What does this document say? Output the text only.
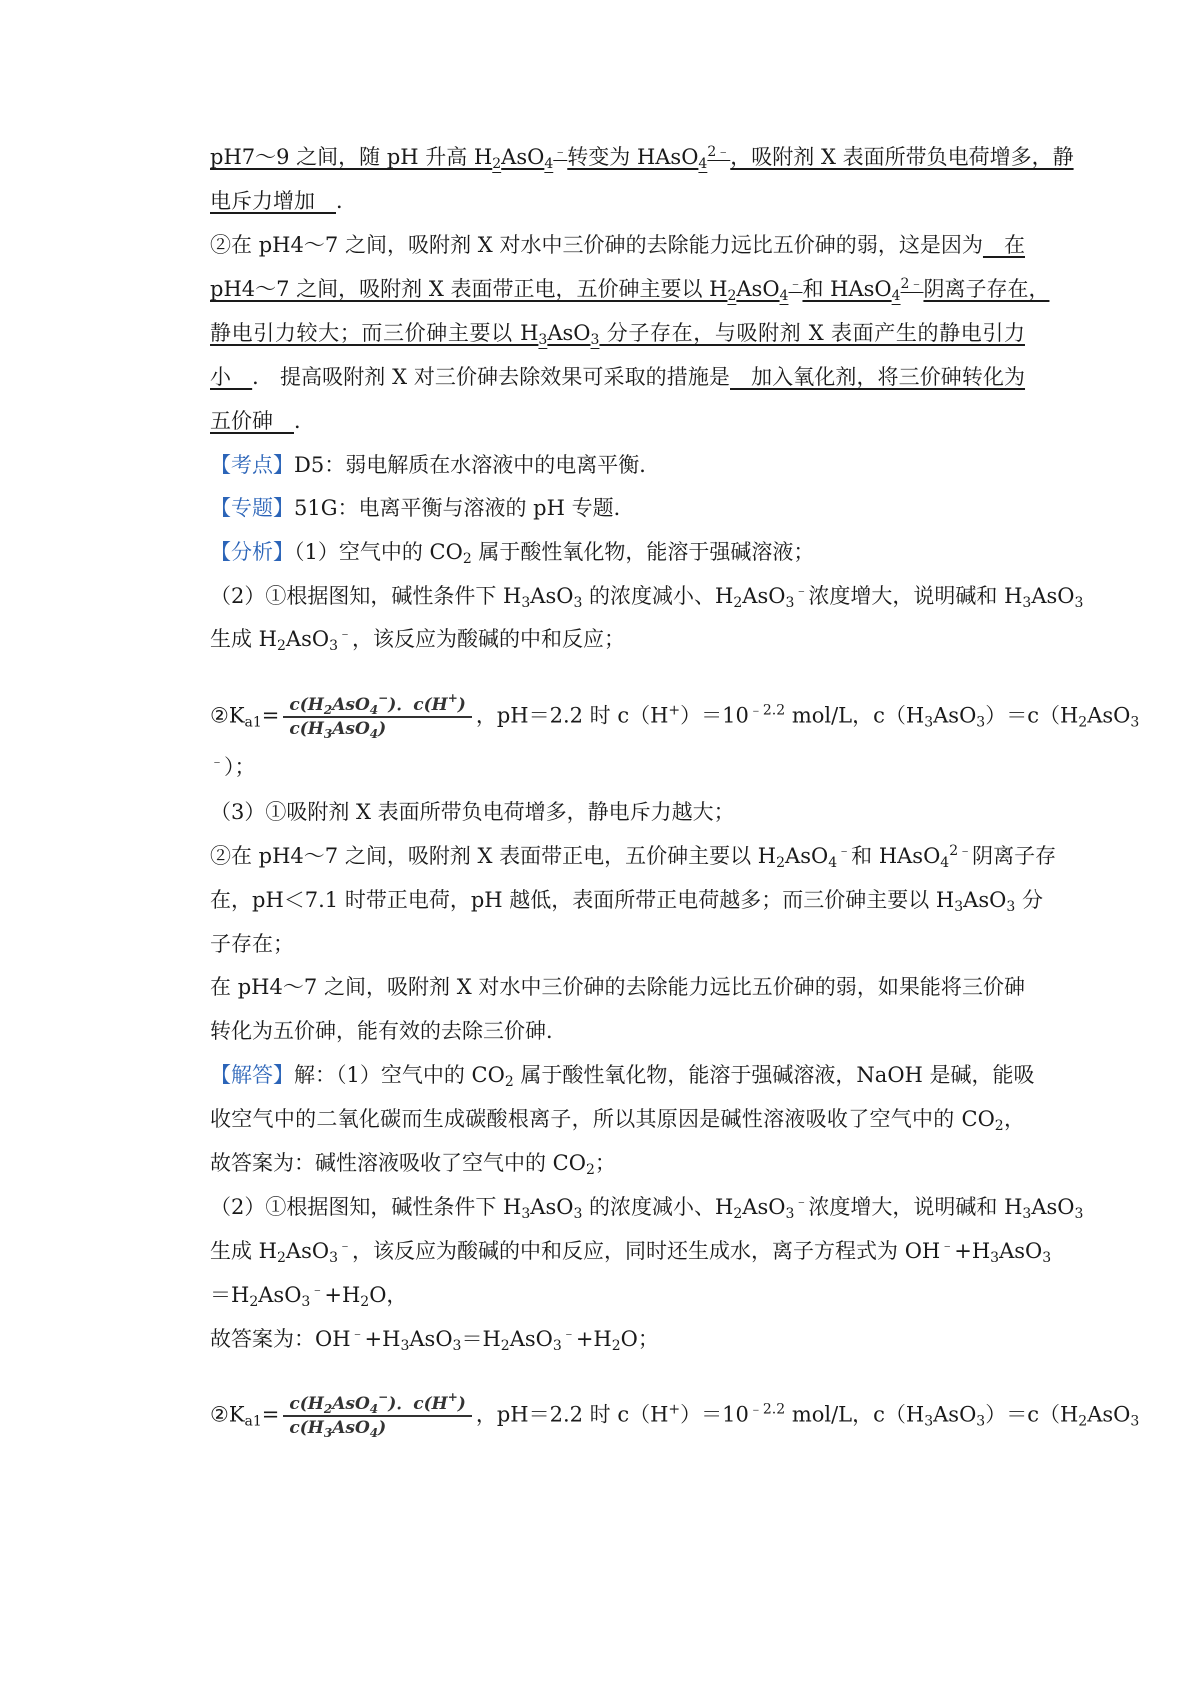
pH7～9 之间，随 pH 升高 $H_2AsO_4^﹣$转变为 HAsO$_4^{2﹣}$，吸附剂 X 表面所带负电荷增多，静
电斥力增加　．
②在 pH4～7 之间，吸附剂 X 对水中三价砷的去除能力远比五价砷的弱，这是因为　在
pH4～7 之间，吸附剂 X 表面带正电，五价砷主要以 $H_2AsO_4^﹣$和 HAsO$_4^{2﹣}$阴离子存在，
静电引力较大；而三价砷主要以 $H_3AsO_3$ 分子存在，与吸附剂 X 表面产生的静电引力
小　． 提高吸附剂 X 对三价砷去除效果可采取的措施是　加入氧化剂，将三价砷转化为
五价砷　．
【考点】D5：弱电解质在水溶液中的电离平衡．
【专题】51G：电离平衡与溶液的 pH 专题．
【分析】（1）空气中的 $CO_2$ 属于酸性氧化物，能溶于强碱溶液；
（2）①根据图知，碱性条件下 $H_3AsO_3$ 的浓度减小、$H_2AsO_3^﹣$浓度增大，说明碱和 $H_3AsO_3$
生成 $H_2AsO_3^﹣$，该反应为酸碱的中和反应；
$②K_{a1}= \frac{c(H_2AsO_4^-).c(H^+)}{c(H_3AsO_4)}$ ，pH＝2.2 时 $c(H^+)=10^{﹣2.2}$ mol/L，$c(H_3AsO_3)=c(H_2AsO_3$
﹣）；
（3）①吸附剂 X 表面所带负电荷增多，静电斥力越大；
②在 pH4～7 之间，吸附剂 X 表面带正电，五价砷主要以 $H_2AsO_4^﹣$和 HAsO$_4^{2﹣}$阴离子存
在，pH＜7.1 时带正电荷，pH 越低，表面所带正电荷越多；而三价砷主要以 $H_3AsO_3$ 分
子存在；
在 pH4～7 之间，吸附剂 X 对水中三价砷的去除能力远比五价砷的弱，如果能将三价砷
转化为五价砷，能有效的去除三价砷．
【解答】解：（1）空气中的 $CO_2$ 属于酸性氧化物，能溶于强碱溶液，NaOH 是碱，能吸
收空气中的二氧化碳而生成碳酸根离子，所以其原因是碱性溶液吸收了空气中的 $CO_2$，
故答案为：碱性溶液吸收了空气中的 $CO_2$；
（2）①根据图知，碱性条件下 $H_3AsO_3$ 的浓度减小、$H_2AsO_3^﹣$浓度增大，说明碱和 $H_3AsO_3$
生成 $H_2AsO_3^﹣$，该反应为酸碱的中和反应，同时还生成水，离子方程式为 $OH^﹣+H_3AsO_3$
$=H_2AsO_3^﹣+H_2O$，
故答案为：$OH^﹣+H_3AsO_3=H_2AsO_3^﹣+H_2O$；
$②K_{a1}= \frac{c(H_2AsO_4^-).c(H^+)}{c(H_3AsO_4)}$ ，pH＝2.2 时 $c(H^+)=10^{﹣2.2}$ mol/L，$c(H_3AsO_3)=c(H_2AsO_3$
